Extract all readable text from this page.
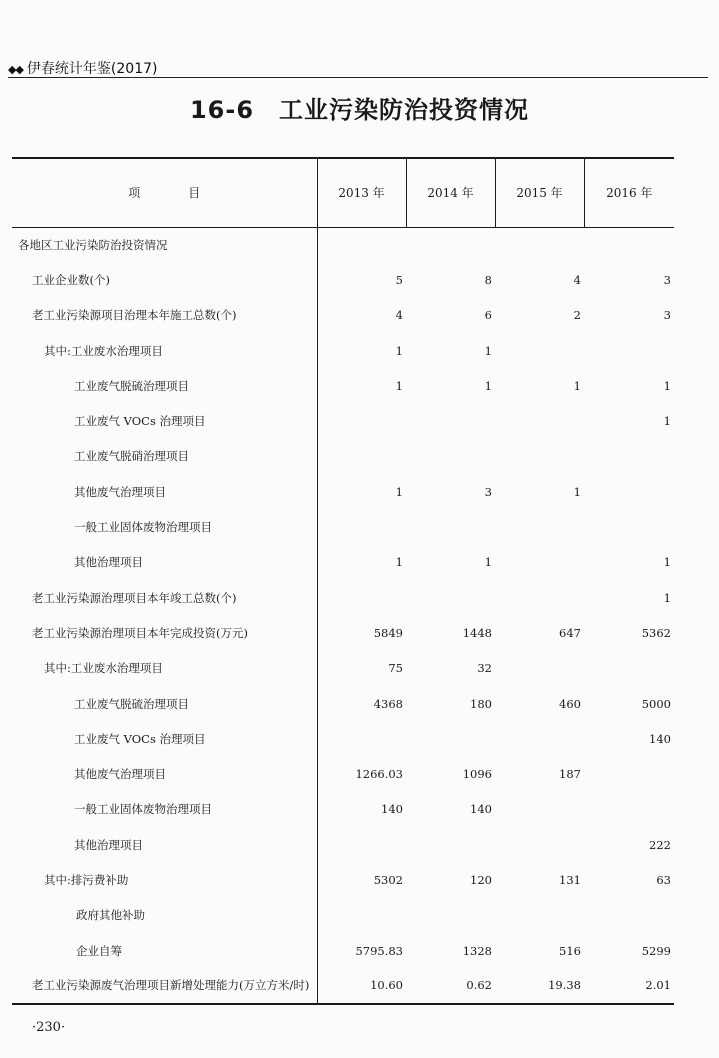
◆◆ 伊春统计年鉴(2017)
16-6　工业污染防治投资情况
项　　　　目	2013 年	2014 年	2015 年	2016 年
各地区工业污染防治投资情况				
工业企业数(个)	5	8	4	3
老工业污染源项目治理本年施工总数(个)	4	6	2	3
其中:工业废水治理项目	1	1		
工业废气脱硫治理项目	1	1	1	1
工业废气 VOCs 治理项目				1
工业废气脱硝治理项目				
其他废气治理项目	1	3	1	
一般工业固体废物治理项目				
其他治理项目	1	1		1
老工业污染源治理项目本年竣工总数(个)				1
老工业污染源治理项目本年完成投资(万元)	5849	1448	647	5362
其中:工业废水治理项目	75	32		
工业废气脱硫治理项目	4368	180	460	5000
工业废气 VOCs 治理项目				140
其他废气治理项目	1266.03	1096	187	
一般工业固体废物治理项目	140	140		
其他治理项目				222
其中:排污费补助	5302	120	131	63
政府其他补助				
企业自筹	5795.83	1328	516	5299
老工业污染源废气治理项目新增处理能力(万立方米/时)	10.60	0.62	19.38	2.01
·230·
